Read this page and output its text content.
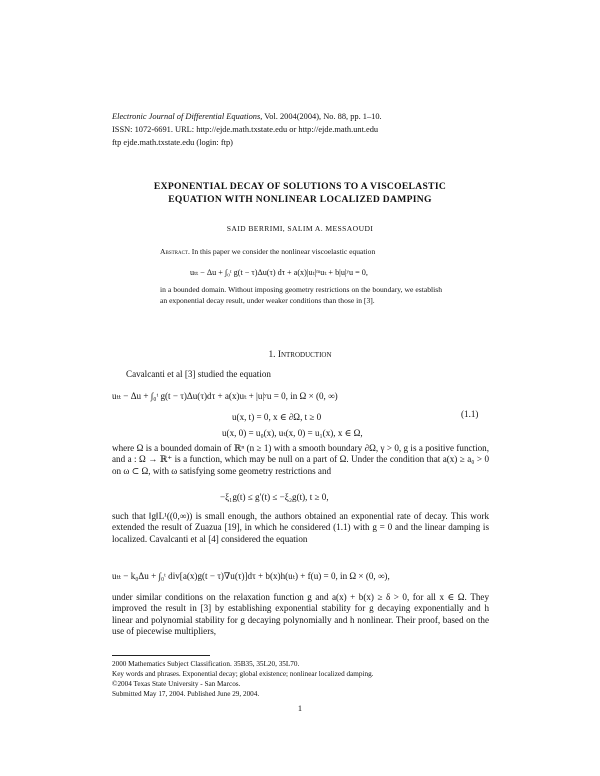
Electronic Journal of Differential Equations, Vol. 2004(2004), No. 88, pp. 1–10.
ISSN: 1072-6691. URL: http://ejde.math.txstate.edu or http://ejde.math.unt.edu
ftp ejde.math.txstate.edu (login: ftp)
EXPONENTIAL DECAY OF SOLUTIONS TO A VISCOELASTIC
EQUATION WITH NONLINEAR LOCALIZED DAMPING
SAID BERRIMI, SALIM A. MESSAOUDI
Abstract. In this paper we consider the nonlinear viscoelastic equation
uₜₜ − Δu + ∫₀ᵗ g(t − τ)Δu(τ) dτ + a(x)|uₜ|ᵐuₜ + b|u|ʸu = 0,
in a bounded domain. Without imposing geometry restrictions on the boundary, we establish an exponential decay result, under weaker conditions than those in [3].
1. Introduction
Cavalcanti et al [3] studied the equation
uₜₜ − Δu + ∫₀ᵗ g(t − τ)Δu(τ)dτ + a(x)uₜ + |u|ʸu = 0, in Ω × (0, ∞)
u(x, t) = 0, x ∈ ∂Ω, t ≥ 0
u(x, 0) = u₀(x), uₜ(x, 0) = u₁(x), x ∈ Ω,
(1.1)
where Ω is a bounded domain of ℝⁿ (n ≥ 1) with a smooth boundary ∂Ω, γ > 0, g is a positive function, and a : Ω → ℝ⁺ is a function, which may be null on a part of Ω. Under the condition that a(x) ≥ a₀ > 0 on ω ⊂ Ω, with ω satisfying some geometry restrictions and
−ξ₁g(t) ≤ g′(t) ≤ −ξ₂g(t), t ≥ 0,
such that ‖g‖L¹((0,∞)) is small enough, the authors obtained an exponential rate of decay. This work extended the result of Zuazua [19], in which he considered (1.1) with g = 0 and the linear damping is localized. Cavalcanti et al [4] considered the equation
uₜₜ − k₀Δu + ∫₀ᵗ div[a(x)g(t − τ)∇u(τ)]dτ + b(x)h(uₜ) + f(u) = 0, in Ω × (0, ∞),
under similar conditions on the relaxation function g and a(x) + b(x) ≥ δ > 0, for all x ∈ Ω. They improved the result in [3] by establishing exponential stability for g decaying exponentially and h linear and polynomial stability for g decaying polynomially and h nonlinear. Their proof, based on the use of piecewise multipliers,
2000 Mathematics Subject Classification. 35B35, 35L20, 35L70.
Key words and phrases. Exponential decay; global existence; nonlinear localized damping.
©2004 Texas State University - San Marcos.
Submitted May 17, 2004. Published June 29, 2004.
1
